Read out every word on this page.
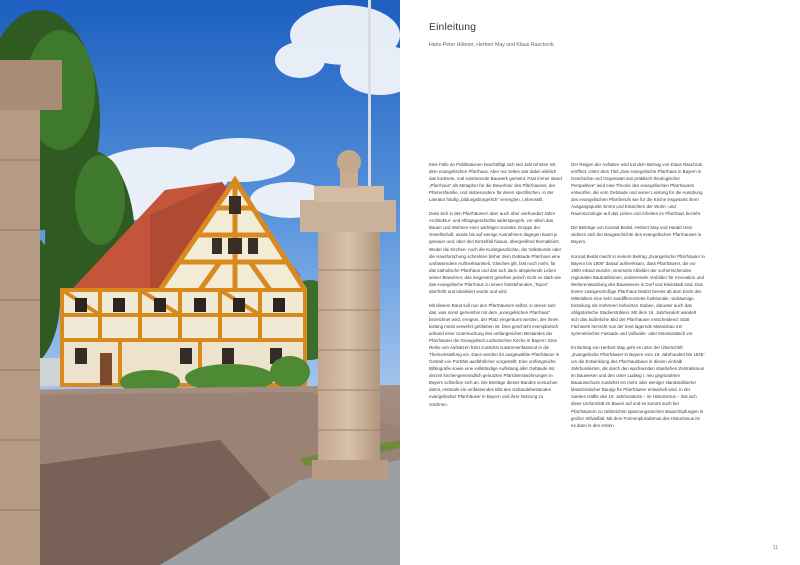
Einleitung
Hans-Peter Hübner, Herbert May und Klaus Raschzok

Eine Fülle an Publikationen beschäftigt sich seit Jahrzehnten mit dem evangelischen Pfarrhaus. Aber nur selten war dabei wirklich das konkrete, real existierende Bauwerk gemeint. Fast immer stand „Pfarrhaus“ als Metapher für die Bewohner des Pfarrhauses, der Pfarrersfamilie, und insbesondere für deren spezifischen, in der Literatur häufig „bildungsbürgerlich“ verengten, Lebensstil.

Dass sich in den Pfarrhäusern aber auch über vierhundert Jahre Architektur- und Alltagsgeschichte widerspiegeln, vor allem das Bauen und Wohnen einer wichtigen sozialen Gruppe der Gesellschaft, wurde bis auf wenige Ausnahmen dagegen kaum je genauer und, über den Einzelfall hinaus, übergreifend thematisiert. Weder die Kirchen- noch die Kunstgeschichte, die Volkskunde oder die Hausforschung schenkten bisher dem Gebäude Pfarrhaus eine umfassendere Aufmerksamkeit. Gleiches gilt, fast noch mehr, für das katholische Pfarrhaus und das sich darin abspielende Leben seiner Bewohner, das insgesamt gesehen jedoch nicht so stark wie das evangelische Pfarrhaus zu einem feststehenden „Topos“ überhöht und idealisiert wurde und wird.

Mit diesem Band soll nun den Pfarrhäusern selbst, in denen sich das, was sonst gemeinhin mit dem „evangelischen Pfarrhaus“ bezeichnet wird, ereignet, der Platz eingeräumt werden, der ihnen bislang meist verwehrt geblieben ist. Dies geschieht exemplarisch anhand einer Untersuchung des umfangreichen Bestandes der Pfarrhäuser der Evangelisch-Lutherischen Kirche in Bayern. Eine Reihe von Aufsätzen führt zunächst zusammenfassend in die Thementstellung ein. Dann werden 64 ausgewählte Pfarrhäuser in Gestalt von Porträts ausführlicher vorgestellt. Eine umfangreiche Bibliografie sowie eine vollständige Auflistung aller Gebäude mit derzeit kirchengemeindlich genutzten Pfarrdienstwohnungen in Bayern schließen sich an. Die Beiträge dieses Bandes versuchen damit, erstmals ein umfassendes Bild des Gebäudebestandes evangelischer Pfarrhäuser in Bayern und ihrer Nutzung zu zeichnen.

Der Reigen der Aufsätze wird mit dem Beitrag von Klaus Raschzok eröffnet. Unter dem Titel „Das evangelische Pfarrhaus in Bayern in Geschichte und Gegenwart aus praktisch-theologischer Perspektive“ wird eine Theorie des evangelischen Pfarrhauses entworfen, die vom Gebäude und seiner Leistung für die Ausübung des evangelischen Pfarrberufs wie für die Kirche insgesamt ihren Ausgangspunkt nimmt und Einsichten der Wohn- und Raumsoziologie auf das Leben und Arbeiten im Pfarrhaus bezieht.

Die Beiträge von Konrad Bedal, Herbert May und Harald Hein widmen sich der Baugeschichte des evangelischen Pfarrhauses in Bayern.

Konrad Bedal macht in seinem Beitrag „Evangelische Pfarrhäuser in Bayern bis 1800“ darauf aufmerksam, dass Pfarrhäuser, die vor 1800 erbaut wurden, einerseits Abbilder der vorherrschenden regionalen Bautraditionen, andererseits Vorbilder für Innovation und Weiterentwicklung des Bauwesens in Dorf und Kleinstadt sind. Das immer zweigeschoßige Pfarrhaus besitzt bereits ab dem Ende des Mittelalters eine sehr ausdifferenzierte funktionale, vielräumige Einteilung mit mehreren beheizten Stuben, darunter auch das obligatorische Studierstüblein. Mit dem 16. Jahrhundert wandelt sich das äußerliche Bild der Pfarrhäuser entscheidend: Statt Fachwerk herrscht nun der breit lagernde Massivbau mit symmetrischer Fassade und Vollwalm- oder Mansarddach vor.

Im Beitrag von Herbert May geht es unter der Überschrift „Evangelische Pfarrhäuser in Bayern vom 19. Jahrhundert bis 1945“ um die Entwicklung des Pfarrhausbaus in diesen einhalb Jahrhunderten, als durch den wachsenden staatlichen Zentralismus im Bauwesen und den unter Ludwig I. neu gegründeten Bauausschuss zunächst ein mehr oder weniger standardisierter klassizistischer Bautyp für Pfarrhäuser entwickelt wird. In der zweiten Hälfte des 19. Jahrhunderts – im Historismus – löst sich diese Uniformität im Bauen auf und es kommt auch bei Pfarrhäusern zu zahlreichen spannungsreichen Bauschöpfungen in großer Stilvielfalt. Mit dem Formenpluralismus des Historismus ist es dann in den ersten

11
